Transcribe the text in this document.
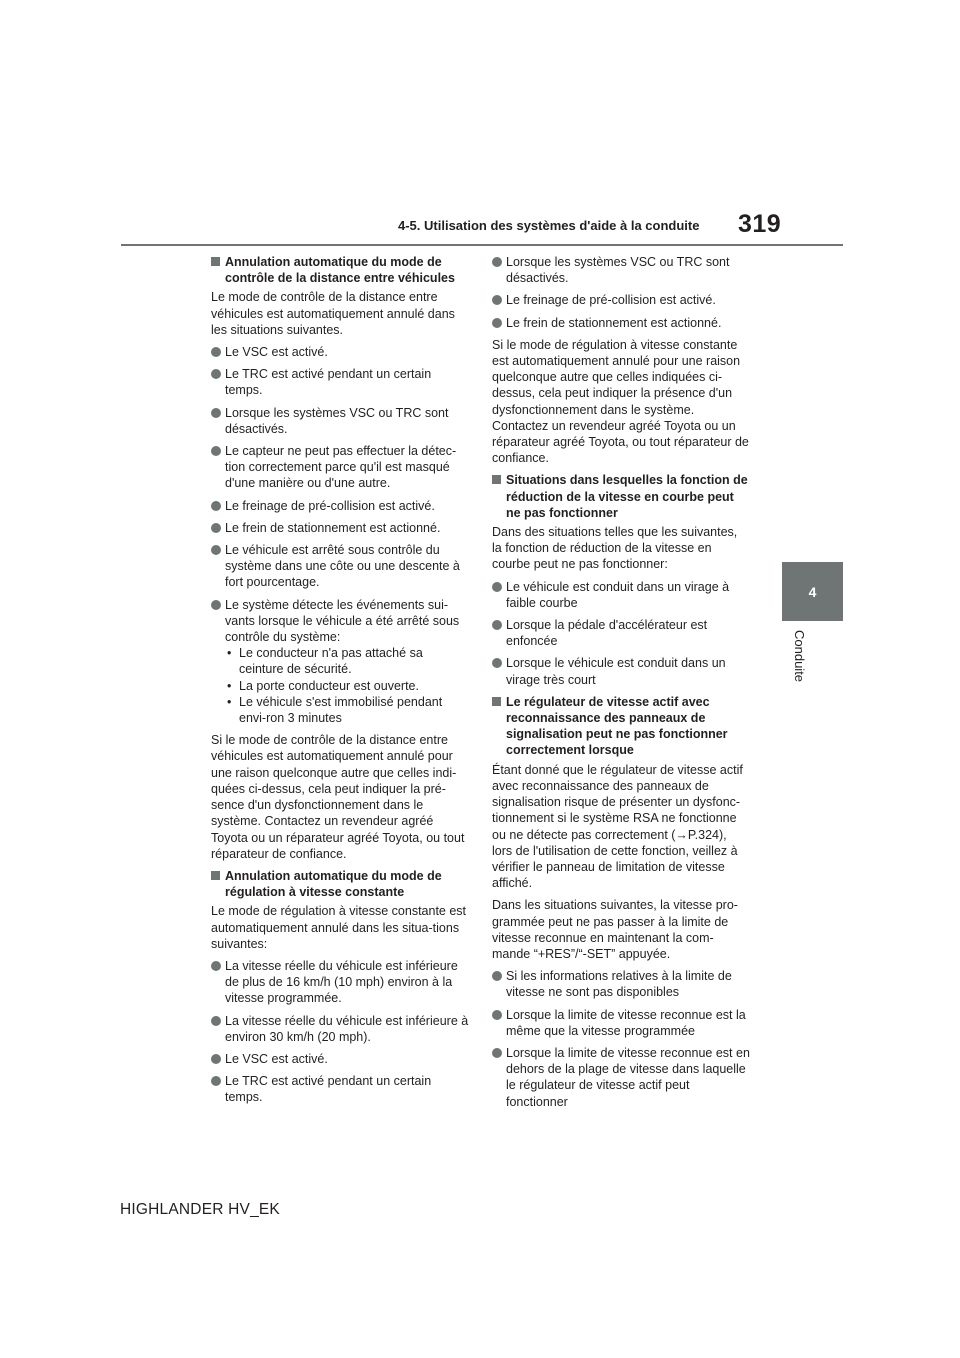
4-5. Utilisation des systèmes d'aide à la conduite 319
4
Conduite
Annulation automatique du mode de contrôle de la distance entre véhicules

Le mode de contrôle de la distance entre véhicules est automatiquement annulé dans les situations suivantes.

Le VSC est activé.
Le TRC est activé pendant un certain temps.
Lorsque les systèmes VSC ou TRC sont désactivés.
Le capteur ne peut pas effectuer la détec-tion correctement parce qu'il est masqué d'une manière ou d'une autre.
Le freinage de pré-collision est activé.
Le frein de stationnement est actionné.
Le véhicule est arrêté sous contrôle du système dans une côte ou une descente à fort pourcentage.
Le système détecte les événements sui-vants lorsque le véhicule a été arrêté sous contrôle du système:
• Le conducteur n'a pas attaché sa ceinture de sécurité.
• La porte conducteur est ouverte.
• Le véhicule s'est immobilisé pendant envi-ron 3 minutes

Si le mode de contrôle de la distance entre véhicules est automatiquement annulé pour une raison quelconque autre que celles indi-quées ci-dessus, cela peut indiquer la pré-sence d'un dysfonctionnement dans le système. Contactez un revendeur agréé Toyota ou un réparateur agréé Toyota, ou tout réparateur de confiance.

Annulation automatique du mode de régulation à vitesse constante

Le mode de régulation à vitesse constante est automatiquement annulé dans les situa-tions suivantes:

La vitesse réelle du véhicule est inférieure de plus de 16 km/h (10 mph) environ à la vitesse programmée.
La vitesse réelle du véhicule est inférieure à environ 30 km/h (20 mph).
Le VSC est activé.
Le TRC est activé pendant un certain temps.
Lorsque les systèmes VSC ou TRC sont désactivés.
Le freinage de pré-collision est activé.
Le frein de stationnement est actionné.

Si le mode de régulation à vitesse constante est automatiquement annulé pour une raison quelconque autre que celles indiquées ci-dessus, cela peut indiquer la présence d'un dysfonctionnement dans le système. Contactez un revendeur agréé Toyota ou un réparateur agréé Toyota, ou tout réparateur de confiance.

Situations dans lesquelles la fonction de réduction de la vitesse en courbe peut ne pas fonctionner

Dans des situations telles que les suivantes, la fonction de réduction de la vitesse en courbe peut ne pas fonctionner:

Le véhicule est conduit dans un virage à faible courbe
Lorsque la pédale d'accélérateur est enfoncée
Lorsque le véhicule est conduit dans un virage très court
Le régulateur de vitesse actif avec reconnaissance des panneaux de signalisation peut ne pas fonctionner correctement lorsque

Étant donné que le régulateur de vitesse actif avec reconnaissance des panneaux de signalisation risque de présenter un dysfonc-tionnement si le système RSA ne fonctionne ou ne détecte pas correctement (→P.324), lors de l'utilisation de cette fonction, veillez à vérifier le panneau de limitation de vitesse affiché.

Dans les situations suivantes, la vitesse pro-grammée peut ne pas passer à la limite de vitesse reconnue en maintenant la com-mande “+RES”/“-SET” appuyée.

Si les informations relatives à la limite de vitesse ne sont pas disponibles
Lorsque la limite de vitesse reconnue est la même que la vitesse programmée
Lorsque la limite de vitesse reconnue est en dehors de la plage de vitesse dans laquelle le régulateur de vitesse actif peut fonctionner
HIGHLANDER HV_EK
